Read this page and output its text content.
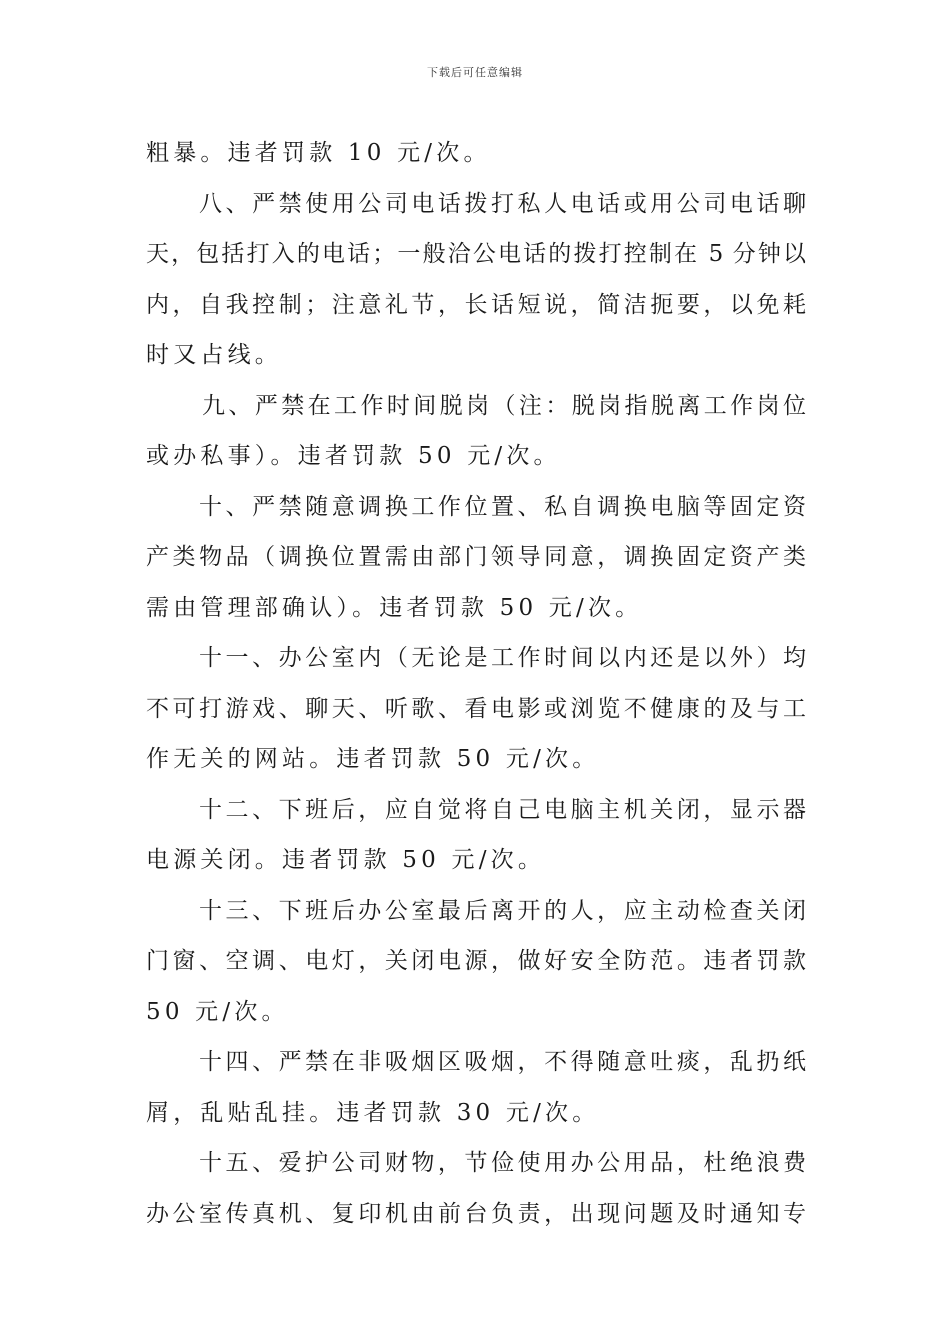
下载后可任意编辑
粗暴。违者罚款 10 元/次。
八、严禁使用公司电话拨打私人电话或用公司电话聊
天，包括打入的电话；一般洽公电话的拨打控制在 5 分钟以
内，自我控制；注意礼节，长话短说，简洁扼要，以免耗
时又占线。
九、严禁在工作时间脱岗（注：脱岗指脱离工作岗位
或办私事）。违者罚款 50 元/次。
十、严禁随意调换工作位置、私自调换电脑等固定资
产类物品（调换位置需由部门领导同意，调换固定资产类
需由管理部确认）。违者罚款 50 元/次。
十一、办公室内（无论是工作时间以内还是以外）均
不可打游戏、聊天、听歌、看电影或浏览不健康的及与工
作无关的网站。违者罚款 50 元/次。
十二、下班后，应自觉将自己电脑主机关闭，显示器
电源关闭。违者罚款 50 元/次。
十三、下班后办公室最后离开的人，应主动检查关闭
门窗、空调、电灯，关闭电源，做好安全防范。违者罚款
50 元/次。
十四、严禁在非吸烟区吸烟，不得随意吐痰，乱扔纸
屑，乱贴乱挂。违者罚款 30 元/次。
十五、爱护公司财物，节俭使用办公用品，杜绝浪费
办公室传真机、复印机由前台负责，出现问题及时通知专
